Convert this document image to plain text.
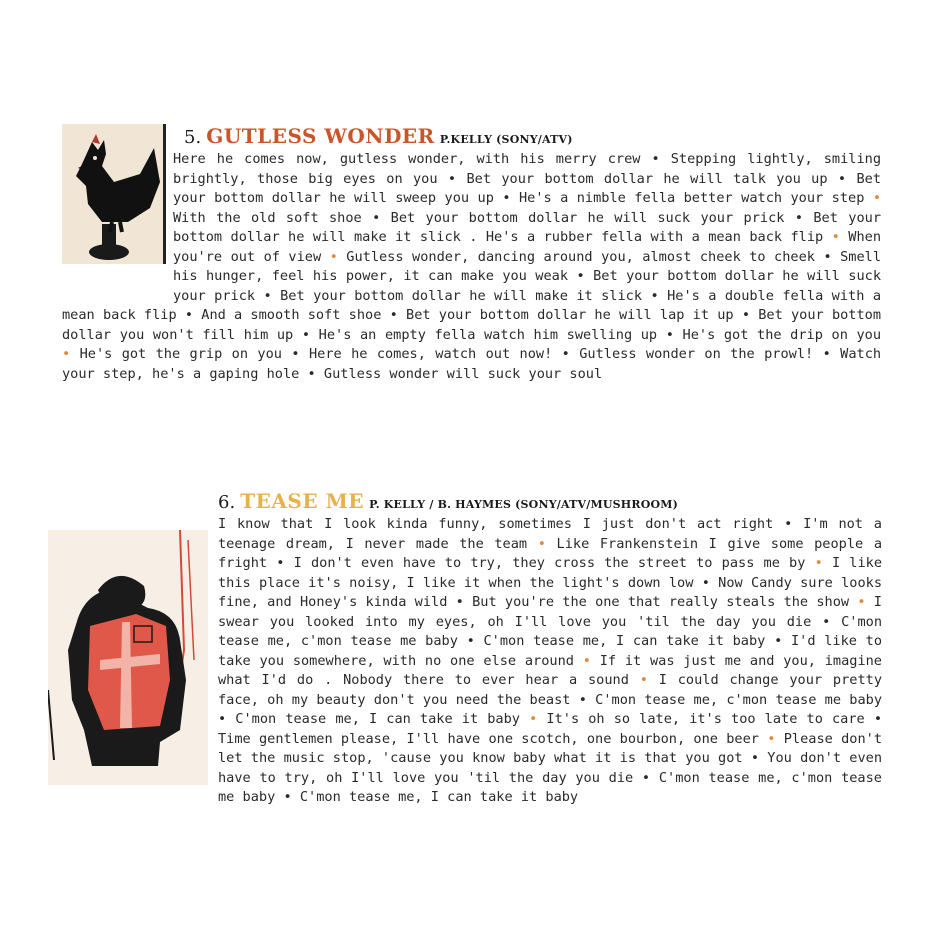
5. GUTLESS WONDER P.KELLY (SONY/ATV)
Here he comes now, gutless wonder, with his merry crew • Stepping lightly, smiling brightly, those big eyes on you • Bet your bottom dollar he will talk you up • Bet your bottom dollar he will sweep you up • He's a nimble fella better watch your step • With the old soft shoe • Bet your bottom dollar he will suck your prick • Bet your bottom dollar he will make it slick . He's a rubber fella with a mean back flip • When you're out of view • Gutless wonder, dancing around you, almost cheek to cheek • Smell his hunger, feel his power, it can make you weak • Bet your bottom dollar he will suck your prick • Bet your bottom dollar he will make it slick • He's a double fella with a mean back flip • And a smooth soft shoe • Bet your bottom dollar he will lap it up • Bet your bottom dollar you won't fill him up • He's an empty fella watch him swelling up • He's got the drip on you • He's got the grip on you • Here he comes, watch out now! • Gutless wonder on the prowl! • Watch your step, he's a gaping hole • Gutless wonder will suck your soul
6. TEASE ME P. KELLY / B. HAYMES (SONY/ATV/MUSHROOM)
I know that I look kinda funny, sometimes I just don't act right • I'm not a teenage dream, I never made the team • Like Frankenstein I give some people a fright • I don't even have to try, they cross the street to pass me by • I like this place it's noisy, I like it when the light's down low • Now Candy sure looks fine, and Honey's kinda wild • But you're the one that really steals the show • I swear you looked into my eyes, oh I'll love you 'til the day you die • C'mon tease me, c'mon tease me baby • C'mon tease me, I can take it baby • I'd like to take you somewhere, with no one else around • If it was just me and you, imagine what I'd do . Nobody there to ever hear a sound • I could change your pretty face, oh my beauty don't you need the beast • C'mon tease me, c'mon tease me baby • C'mon tease me, I can take it baby • It's oh so late, it's too late to care • Time gentlemen please, I'll have one scotch, one bourbon, one beer • Please don't let the music stop, 'cause you know baby what it is that you got • You don't even have to try, oh I'll love you 'til the day you die • C'mon tease me, c'mon tease me baby • C'mon tease me, I can take it baby
